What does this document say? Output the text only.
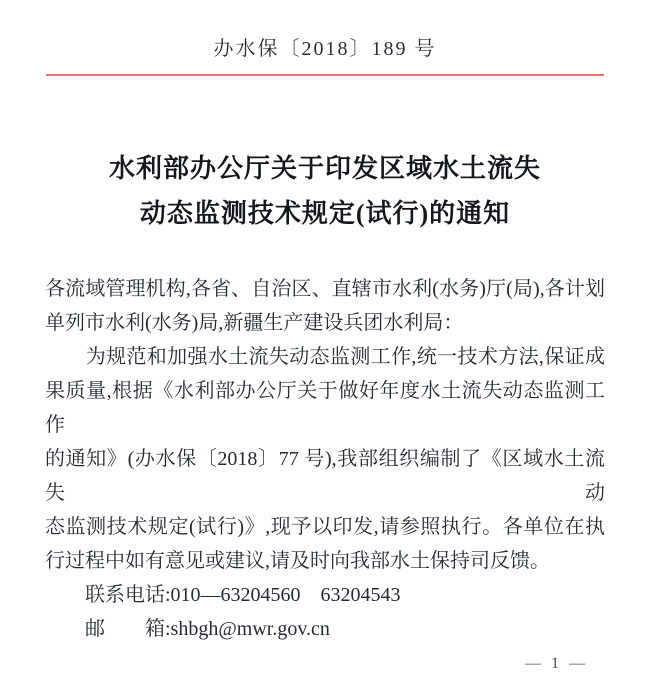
办水保〔2018〕189 号
水利部办公厅关于印发区域水土流失
动态监测技术规定(试行)的通知
各流域管理机构,各省、自治区、直辖市水利(水务)厅(局),各计划
单列市水利(水务)局,新疆生产建设兵团水利局：
　　为规范和加强水土流失动态监测工作,统一技术方法,保证成
果质量,根据《水利部办公厅关于做好年度水土流失动态监测工作
的通知》(办水保〔2018〕77 号),我部组织编制了《区域水土流失动
态监测技术规定(试行)》,现予以印发,请参照执行。各单位在执
行过程中如有意见或建议,请及时向我部水土保持司反馈。
　　联系电话:010—63204560　63204543
　　邮　　箱:shbgh@mwr.gov.cn
— 1 —
